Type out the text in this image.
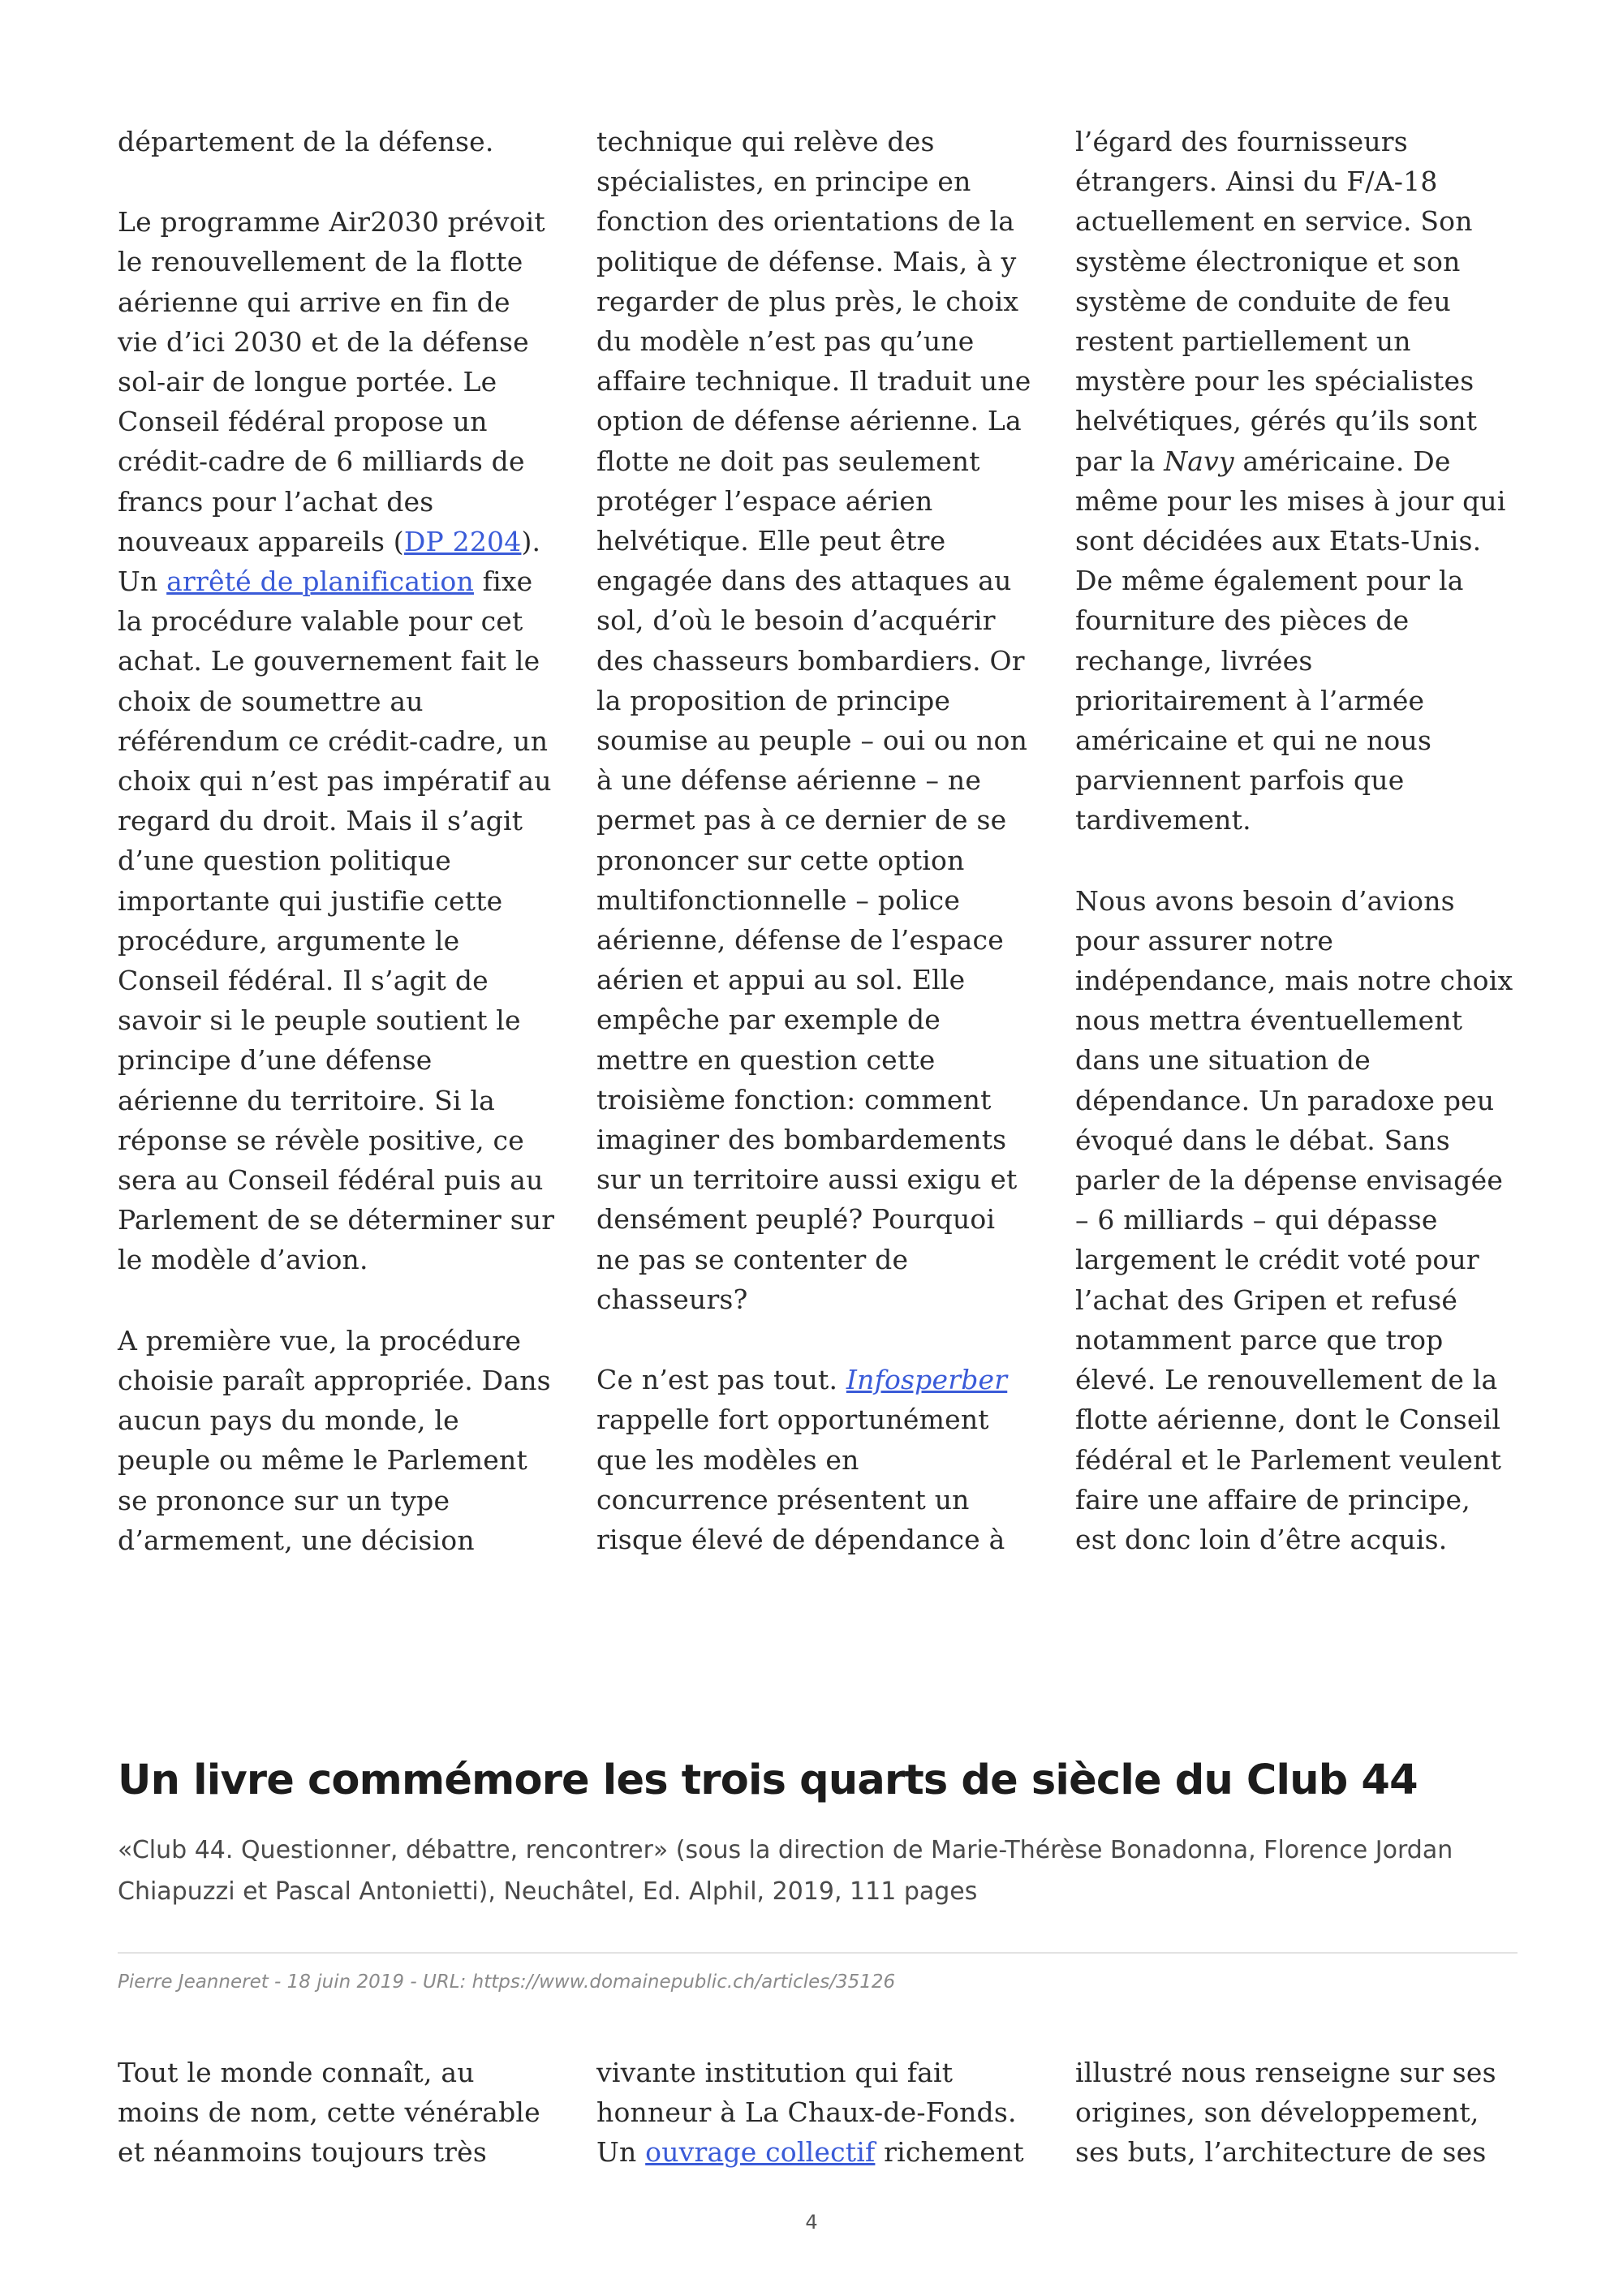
département de la défense.

Le programme Air2030 prévoit le renouvellement de la flotte aérienne qui arrive en fin de vie d’ici 2030 et de la défense sol-air de longue portée. Le Conseil fédéral propose un crédit-cadre de 6 milliards de francs pour l’achat des nouveaux appareils (DP 2204). Un arrêté de planification fixe la procédure valable pour cet achat. Le gouvernement fait le choix de soumettre au référendum ce crédit-cadre, un choix qui n’est pas impératif au regard du droit. Mais il s’agit d’une question politique importante qui justifie cette procédure, argumente le Conseil fédéral. Il s’agit de savoir si le peuple soutient le principe d’une défense aérienne du territoire. Si la réponse se révèle positive, ce sera au Conseil fédéral puis au Parlement de se déterminer sur le modèle d’avion.

A première vue, la procédure choisie paraît appropriée. Dans aucun pays du monde, le peuple ou même le Parlement se prononce sur un type d’armement, une décision

technique qui relève des spécialistes, en principe en fonction des orientations de la politique de défense. Mais, à y regarder de plus près, le choix du modèle n’est pas qu’une affaire technique. Il traduit une option de défense aérienne. La flotte ne doit pas seulement protéger l’espace aérien helvétique. Elle peut être engagée dans des attaques au sol, d’où le besoin d’acquérir des chasseurs bombardiers. Or la proposition de principe soumise au peuple – oui ou non à une défense aérienne – ne permet pas à ce dernier de se prononcer sur cette option multifonctionnelle – police aérienne, défense de l’espace aérien et appui au sol. Elle empêche par exemple de mettre en question cette troisième fonction: comment imaginer des bombardements sur un territoire aussi exigu et densément peuplé? Pourquoi ne pas se contenter de chasseurs?

Ce n’est pas tout. Infosperber rappelle fort opportunément que les modèles en concurrence présentent un risque élevé de dépendance à

l’égard des fournisseurs étrangers. Ainsi du F/A-18 actuellement en service. Son système électronique et son système de conduite de feu restent partiellement un mystère pour les spécialistes helvétiques, gérés qu’ils sont par la Navy américaine. De même pour les mises à jour qui sont décidées aux Etats-Unis. De même également pour la fourniture des pièces de rechange, livrées prioritairement à l’armée américaine et qui ne nous parviennent parfois que tardivement.

Nous avons besoin d’avions pour assurer notre indépendance, mais notre choix nous mettra éventuellement dans une situation de dépendance. Un paradoxe peu évoqué dans le débat. Sans parler de la dépense envisagée – 6 milliards – qui dépasse largement le crédit voté pour l’achat des Gripen et refusé notamment parce que trop élevé. Le renouvellement de la flotte aérienne, dont le Conseil fédéral et le Parlement veulent faire une affaire de principe, est donc loin d’être acquis.

Un livre commémore les trois quarts de siècle du Club 44

«Club 44. Questionner, débattre, rencontrer» (sous la direction de Marie-Thérèse Bonadonna, Florence Jordan Chiapuzzi et Pascal Antonietti), Neuchâtel, Ed. Alphil, 2019, 111 pages

Pierre Jeanneret - 18 juin 2019 - URL: https://www.domainepublic.ch/articles/35126

Tout le monde connaît, au moins de nom, cette vénérable et néanmoins toujours très

vivante institution qui fait honneur à La Chaux-de-Fonds. Un ouvrage collectif richement

illustré nous renseigne sur ses origines, son développement, ses buts, l’architecture de ses

4
